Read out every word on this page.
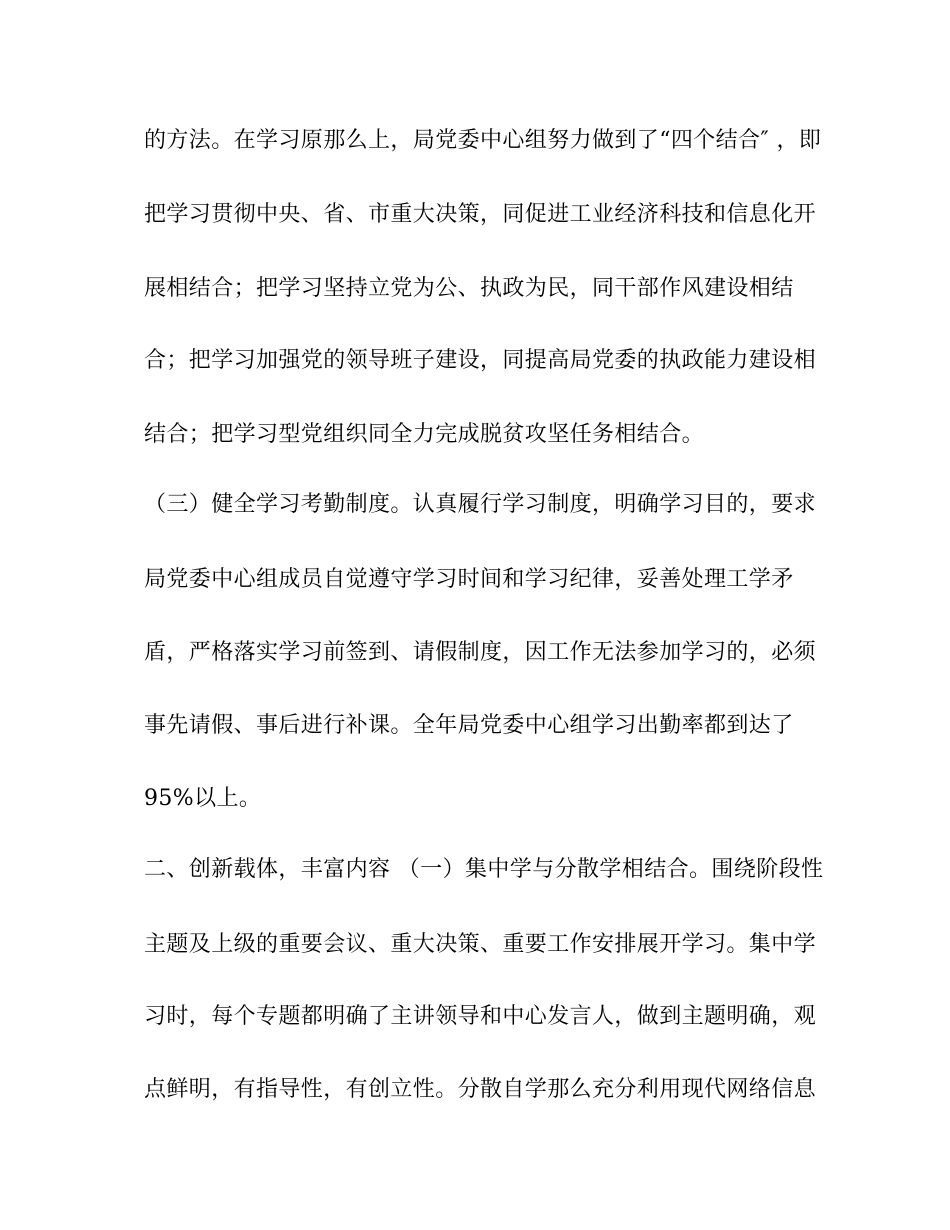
的方法。在学习原那么上，局党委中心组努力做到了“四个结合″ ，即
把学习贯彻中央、省、市重大决策，同促进工业经济科技和信息化开
展相结合；把学习坚持立党为公、执政为民，同干部作风建设相结
合；把学习加强党的领导班子建设，同提高局党委的执政能力建设相
结合；把学习型党组织同全力完成脱贫攻坚任务相结合。
（三）健全学习考勤制度。认真履行学习制度，明确学习目的，要求
局党委中心组成员自觉遵守学习时间和学习纪律，妥善处理工学矛
盾，严格落实学习前签到、请假制度，因工作无法参加学习的，必须
事先请假、事后进行补课。全年局党委中心组学习出勤率都到达了
95%以上。
二、创新载体，丰富内容 （一）集中学与分散学相结合。围绕阶段性
主题及上级的重要会议、重大决策、重要工作安排展开学习。集中学
习时，每个专题都明确了主讲领导和中心发言人，做到主题明确，观
点鲜明，有指导性，有创立性。分散自学那么充分利用现代网络信息
